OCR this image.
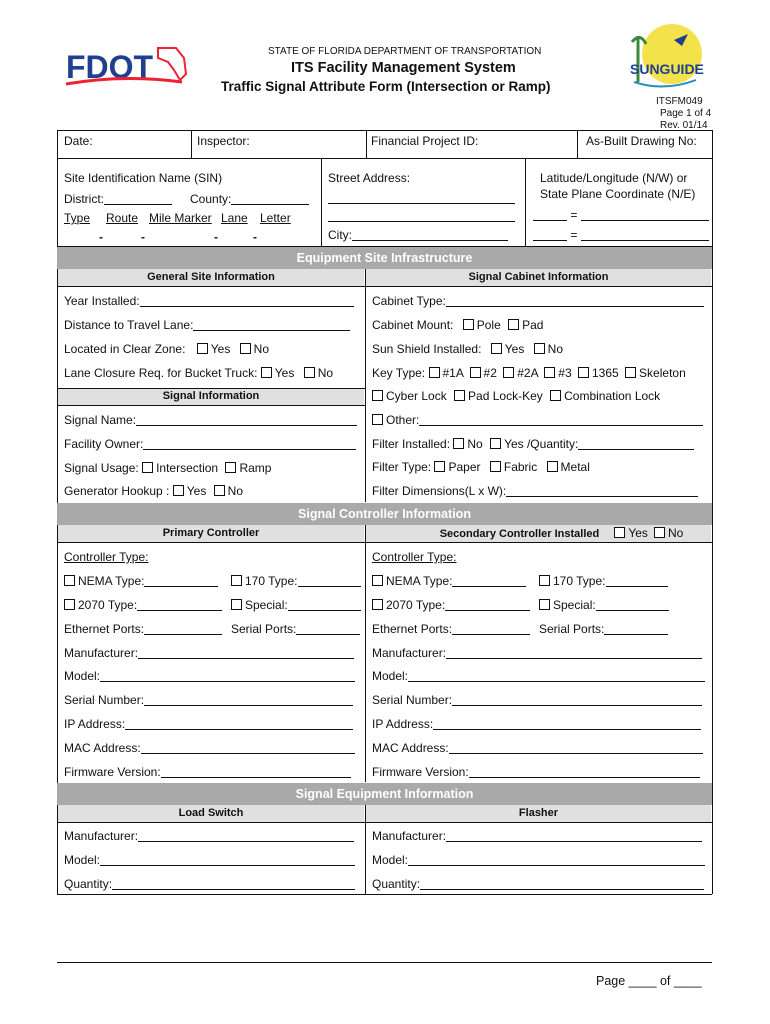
FDOT	STATE OF FLORIDA DEPARTMENT OF TRANSPORTATION
ITS Facility Management System
Traffic Signal Attribute Form (Intersection or Ramp)
SUNGUIDE
ITSFM049
Page 1 of 4
Rev. 01/14
Date:	Inspector:	Financial Project ID:	As-Built Drawing No:
Site Identification Name (SIN)
District:	County:
Type Route Mile Marker Lane Letter
-	-	-	-
Street Address:
City:
Latitude/Longitude (N/W) or
State Plane Coordinate (N/E)
=
=
Equipment Site Infrastructure
General Site Information	Signal Cabinet Information
Year Installed:
Distance to Travel Lane:
Located in Clear Zone: Yes No
Lane Closure Req. for Bucket Truck: Yes No
Signal Information
Signal Name:
Facility Owner:
Signal Usage: Intersection Ramp
Generator Hookup : Yes No
Cabinet Type:
Cabinet Mount: Pole Pad
Sun Shield Installed: Yes No
Key Type: #1A #2 #2A #3 1365 Skeleton
Cyber Lock Pad Lock-Key Combination Lock
Other:
Filter Installed: No Yes /Quantity:
Filter Type: Paper Fabric Metal
Filter Dimensions(L x W):
Signal Controller Information
Primary Controller	Secondary Controller Installed Yes No
Controller Type:
NEMA Type:	170 Type:
2070 Type:	Special:
Ethernet Ports:	Serial Ports:
Manufacturer:
Model:
Serial Number:
IP Address:
MAC Address:
Firmware Version:
Controller Type:
NEMA Type:	170 Type:
2070 Type:	Special:
Ethernet Ports:	Serial Ports:
Manufacturer:
Model:
Serial Number:
IP Address:
MAC Address:
Firmware Version:
Signal Equipment Information
Load Switch	Flasher
Manufacturer:
Model:
Quantity:
Manufacturer:
Model:
Quantity:
Page ____ of ____
